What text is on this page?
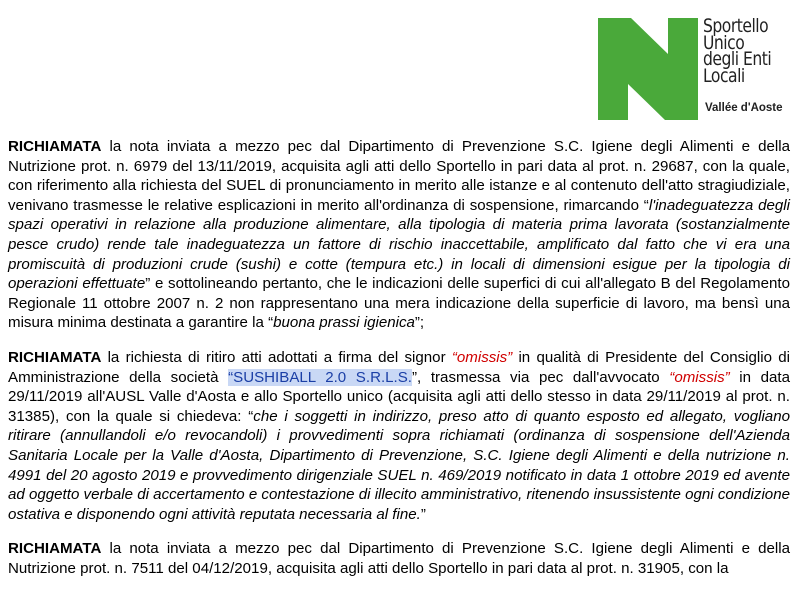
Sportello
Unico
degli Enti
Locali
Vallée d'Aoste

RICHIAMATA la nota inviata a mezzo pec dal Dipartimento di Prevenzione S.C. Igiene degli Alimenti e della Nutrizione prot. n. 6979 del 13/11/2019, acquisita agli atti dello Sportello in pari data al prot. n. 29687, con la quale, con riferimento alla richiesta del SUEL di pronunciamento in merito alle istanze e al contenuto dell'atto stragiudiziale, venivano trasmesse le relative esplicazioni in merito all'ordinanza di sospensione, rimarcando “l'inadeguatezza degli spazi operativi in relazione alla produzione alimentare, alla tipologia di materia prima lavorata (sostanzialmente pesce crudo) rende tale inadeguatezza un fattore di rischio inaccettabile, amplificato dal fatto che vi era una promiscuità di produzioni crude (sushi) e cotte (tempura etc.) in locali di dimensioni esigue per la tipologia di operazioni effettuate” e sottolineando pertanto, che le indicazioni delle superfici di cui all'allegato B del Regolamento Regionale 11 ottobre 2007 n. 2 non rappresentano una mera indicazione della superficie di lavoro, ma bensì una misura minima destinata a garantire la “buona prassi igienica”;

RICHIAMATA la richiesta di ritiro atti adottati a firma del signor “omissis” in qualità di Presidente del Consiglio di Amministrazione della società “SUSHIBALL 2.0 S.R.L.S.”, trasmessa via pec dall'avvocato “omissis” in data 29/11/2019 all'AUSL Valle d'Aosta e allo Sportello unico (acquisita agli atti dello stesso in data 29/11/2019 al prot. n. 31385), con la quale si chiedeva: “che i soggetti in indirizzo, preso atto di quanto esposto ed allegato, vogliano ritirare (annullandoli e/o revocandoli) i provvedimenti sopra richiamati (ordinanza di sospensione dell'Azienda Sanitaria Locale per la Valle d'Aosta, Dipartimento di Prevenzione, S.C. Igiene degli Alimenti e della nutrizione n. 4991 del 20 agosto 2019 e provvedimento dirigenziale SUEL n. 469/2019 notificato in data 1 ottobre 2019 ed avente ad oggetto verbale di accertamento e contestazione di illecito amministrativo, ritenendo insussistente ogni condizione ostativa e disponendo ogni attività reputata necessaria al fine.”

RICHIAMATA la nota inviata a mezzo pec dal Dipartimento di Prevenzione S.C. Igiene degli Alimenti e della Nutrizione prot. n. 7511 del 04/12/2019, acquisita agli atti dello Sportello in pari data al prot. n. 31905, con la
